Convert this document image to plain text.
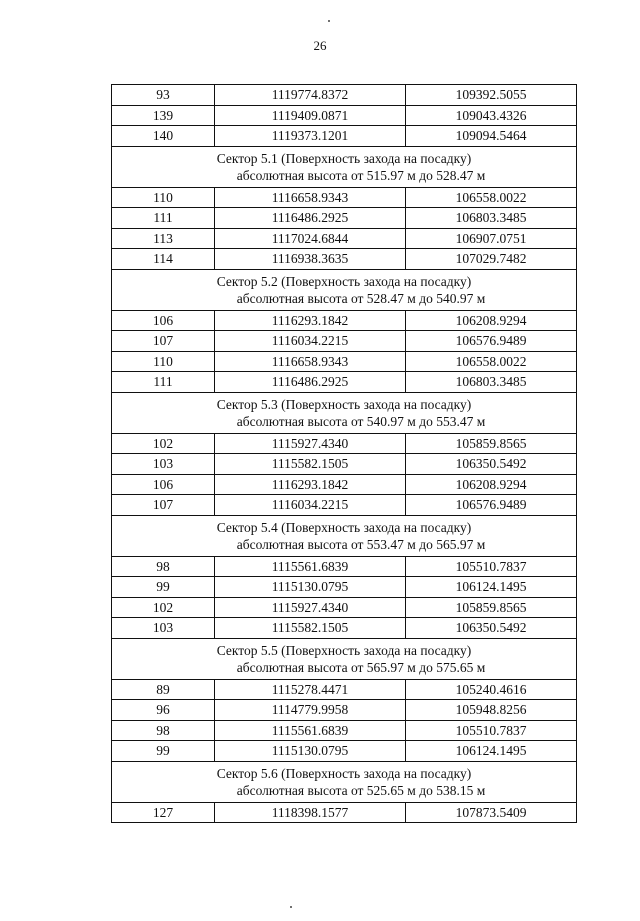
26
93	1119774.8372	109392.5055
139	1119409.0871	109043.4326
140	1119373.1201	109094.5464

Сектор 5.1 (Поверхность захода на посадку)
абсолютная высота от 515.97 м до 528.47 м		

110	1116658.9343	106558.0022
111	1116486.2925	106803.3485
113	1117024.6844	106907.0751
114	1116938.3635	107029.7482

Сектор 5.2 (Поверхность захода на посадку)
абсолютная высота от 528.47 м до 540.97 м		

106	1116293.1842	106208.9294
107	1116034.2215	106576.9489
110	1116658.9343	106558.0022
111	1116486.2925	106803.3485

Сектор 5.3 (Поверхность захода на посадку)
абсолютная высота от 540.97 м до 553.47 м		

102	1115927.4340	105859.8565
103	1115582.1505	106350.5492
106	1116293.1842	106208.9294
107	1116034.2215	106576.9489

Сектор 5.4 (Поверхность захода на посадку)
абсолютная высота от 553.47 м до 565.97 м		

98	1115561.6839	105510.7837
99	1115130.0795	106124.1495
102	1115927.4340	105859.8565
103	1115582.1505	106350.5492

Сектор 5.5 (Поверхность захода на посадку)
абсолютная высота от 565.97 м до 575.65 м		

89	1115278.4471	105240.4616
96	1114779.9958	105948.8256
98	1115561.6839	105510.7837
99	1115130.0795	106124.1495

Сектор 5.6 (Поверхность захода на посадку)
абсолютная высота от 525.65 м до 538.15 м		

127	1118398.1577	107873.5409
